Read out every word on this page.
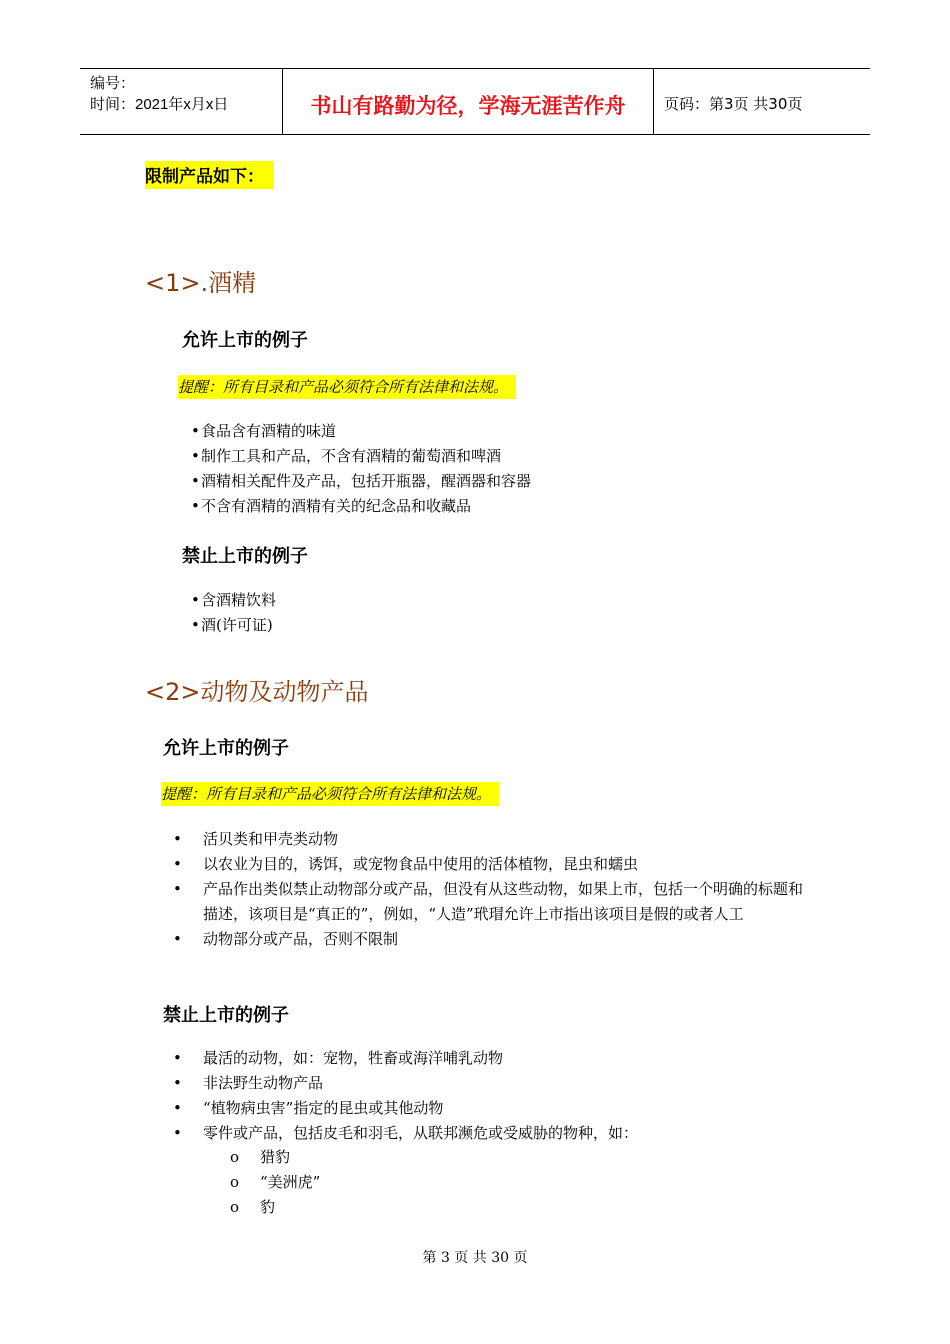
编号：
时间：2021年x月x日	书山有路勤为径，学海无涯苦作舟	页码：第3页 共30页
限制产品如下：
<1>.酒精
允许上市的例子
提醒：所有目录和产品必须符合所有法律和法规。
• 食品含有酒精的味道
• 制作工具和产品，不含有酒精的葡萄酒和啤酒
• 酒精相关配件及产品，包括开瓶器，醒酒器和容器
• 不含有酒精的酒精有关的纪念品和收藏品
禁止上市的例子
• 含酒精饮料
• 酒(许可证)
<2>动物及动物产品
允许上市的例子
提醒：所有目录和产品必须符合所有法律和法规。
• 活贝类和甲壳类动物
• 以农业为目的，诱饵，或宠物食品中使用的活体植物，昆虫和蠕虫
• 产品作出类似禁止动物部分或产品，但没有从这些动物，如果上市，包括一个明确的标题和描述，该项目是“真正的”，例如，“人造”玳瑁允许上市指出该项目是假的或者人工
• 动物部分或产品，否则不限制
禁止上市的例子
• 最活的动物，如：宠物，牲畜或海洋哺乳动物
• 非法野生动物产品
• “植物病虫害”指定的昆虫或其他动物
• 零件或产品，包括皮毛和羽毛，从联邦濒危或受威胁的物种，如：
o 猎豹
o “美洲虎”
o 豹
第 3 页 共 30 页
